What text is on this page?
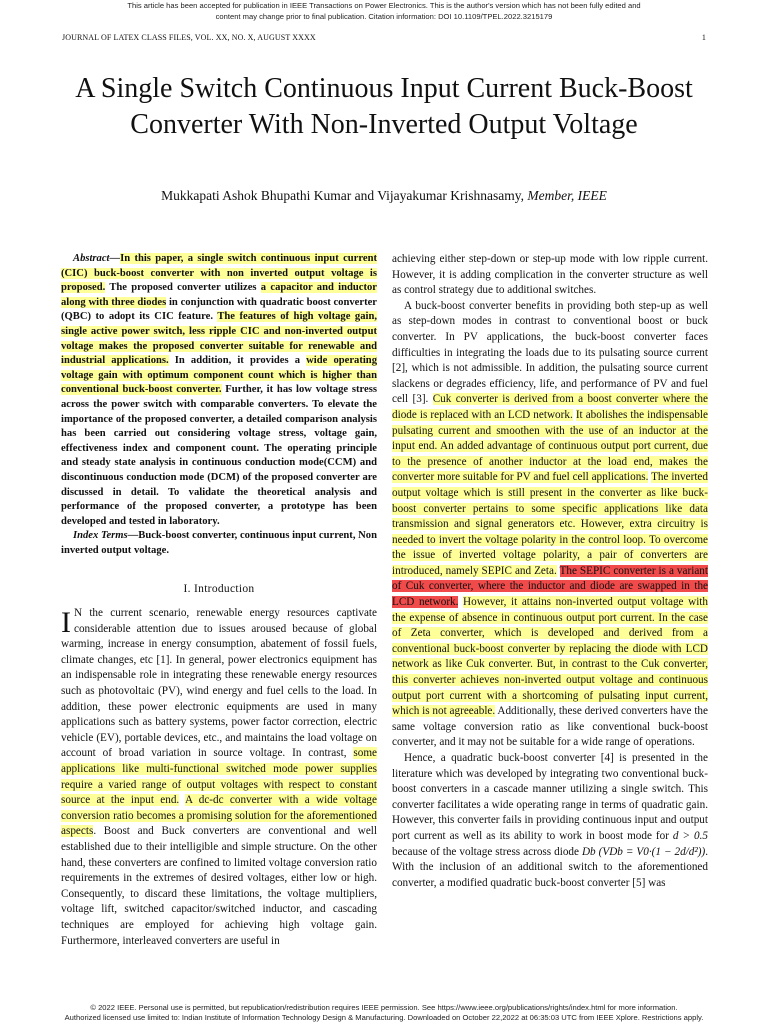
This article has been accepted for publication in IEEE Transactions on Power Electronics. This is the author's version which has not been fully edited and
content may change prior to final publication. Citation information: DOI 10.1109/TPEL.2022.3215179
JOURNAL OF LATEX CLASS FILES, VOL. XX, NO. X, AUGUST XXXX	1
A Single Switch Continuous Input Current Buck-Boost Converter With Non-Inverted Output Voltage
Mukkapati Ashok Bhupathi Kumar and Vijayakumar Krishnasamy, Member, IEEE

Abstract—In this paper, a single switch continuous input current (CIC) buck-boost converter with non inverted output voltage is proposed. The proposed converter utilizes a capacitor and inductor along with three diodes in conjunction with quadratic boost converter (QBC) to adopt its CIC feature. The features of high voltage gain, single active power switch, less ripple CIC and non-inverted output voltage makes the proposed converter suitable for renewable and industrial applications. In addition, it provides a wide operating voltage gain with optimum component count which is higher than conventional buck-boost converter. Further, it has low voltage stress across the power switch with comparable converters. To elevate the importance of the proposed converter, a detailed comparison analysis has been carried out considering voltage stress, voltage gain, effectiveness index and component count. The operating principle and steady state analysis in continuous conduction mode(CCM) and discontinuous conduction mode (DCM) of the proposed converter are discussed in detail. To validate the theoretical analysis and performance of the proposed converter, a prototype has been developed and tested in laboratory.

Index Terms—Buck-boost converter, continuous input current, Non inverted output voltage.

I. Introduction

I N the current scenario, renewable energy resources captivate considerable attention due to issues aroused because of global warming, increase in energy consumption, abatement of fossil fuels, climate changes, etc [1]. In general, power electronics equipment has an indispensable role in integrating these renewable energy resources such as photovoltaic (PV), wind energy and fuel cells to the load. In addition, these power electronic equipments are used in many applications such as battery systems, power factor correction, electric vehicle (EV), portable devices, etc., and maintains the load voltage on account of broad variation in source voltage. In contrast, some applications like multi-functional switched mode power supplies require a varied range of output voltages with respect to constant source at the input end. A dc-dc converter with a wide voltage conversion ratio becomes a promising solution for the aforementioned aspects. Boost and Buck converters are conventional and well established due to their intelligible and simple structure. On the other hand, these converters are confined to limited voltage conversion ratio requirements in the extremes of desired voltages, either low or high. Consequently, to discard these limitations, the voltage multipliers, voltage lift, switched capacitor/switched inductor, and cascading techniques are employed for achieving high voltage gain. Furthermore, interleaved converters are useful in

achieving either step-down or step-up mode with low ripple current. However, it is adding complication in the converter structure as well as control strategy due to additional switches.

A buck-boost converter benefits in providing both step-up as well as step-down modes in contrast to conventional boost or buck converter. In PV applications, the buck-boost converter faces difficulties in integrating the loads due to its pulsating source current [2], which is not admissible. In addition, the pulsating source current slackens or degrades efficiency, life, and performance of PV and fuel cell [3]. Cuk converter is derived from a boost converter where the diode is replaced with an LCD network. It abolishes the indispensable pulsating current and smoothen with the use of an inductor at the input end. An added advantage of continuous output port current, due to the presence of another inductor at the load end, makes the converter more suitable for PV and fuel cell applications. The inverted output voltage which is still present in the converter as like buck-boost converter pertains to some specific applications like data transmission and signal generators etc. However, extra circuitry is needed to invert the voltage polarity in the control loop. To overcome the issue of inverted voltage polarity, a pair of converters are introduced, namely SEPIC and Zeta. The SEPIC converter is a variant of Cuk converter, where the inductor and diode are swapped in the LCD network. However, it attains non-inverted output voltage with the expense of absence in continuous output port current. In the case of Zeta converter, which is developed and derived from a conventional buck-boost converter by replacing the diode with LCD network as like Cuk converter. But, in contrast to the Cuk converter, this converter achieves non-inverted output voltage and continuous output port current with a shortcoming of pulsating input current, which is not agreeable. Additionally, these derived converters have the same voltage conversion ratio as like conventional buck-boost converter, and it may not be suitable for a wide range of operations.

Hence, a quadratic buck-boost converter [4] is presented in the literature which was developed by integrating two conventional buck-boost converters in a cascade manner utilizing a single switch. This converter facilitates a wide operating range in terms of quadratic gain. However, this converter fails in providing continuous input and output port current as well as its ability to work in boost mode for d > 0.5 because of the voltage stress across diode Db (VDb = V0·(1 − 2d/d²)). With the inclusion of an additional switch to the aforementioned converter, a modified quadratic buck-boost converter [5] was

© 2022 IEEE. Personal use is permitted, but republication/redistribution requires IEEE permission. See https://www.ieee.org/publications/rights/index.html for more information.
Authorized licensed use limited to: Indian Institute of Information Technology Design & Manufacturing. Downloaded on October 22,2022 at 06:35:03 UTC from IEEE Xplore. Restrictions apply.
